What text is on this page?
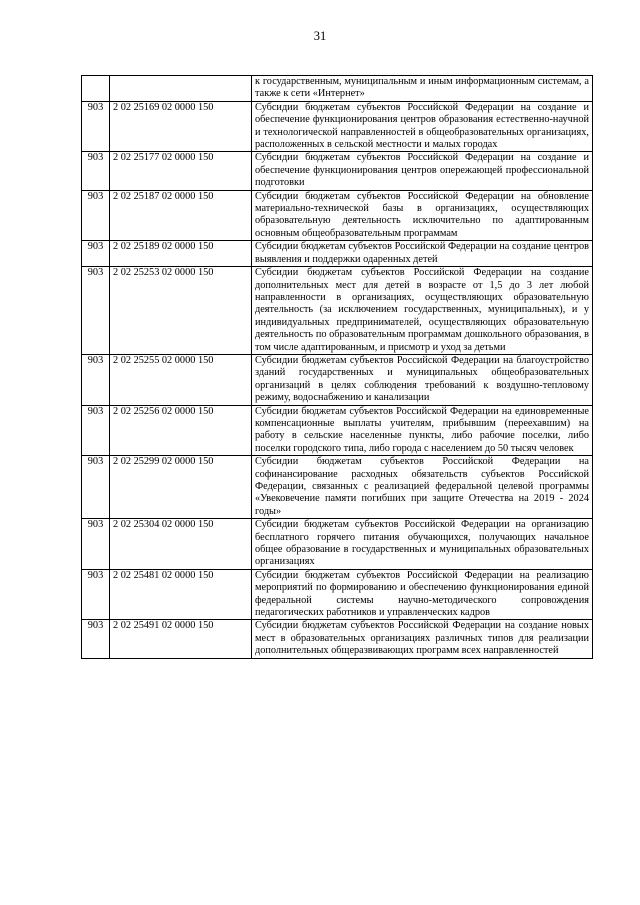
31
		к государственным, муниципальным и иным информационным системам, а также к сети «Интернет»
903	2 02 25169 02 0000 150	Субсидии бюджетам субъектов Российской Федерации на создание и обеспечение функционирования центров образования естественно-научной и технологической направленностей в общеобразовательных организациях, расположенных в сельской местности и малых городах
903	2 02 25177 02 0000 150	Субсидии бюджетам субъектов Российской Федерации на создание и обеспечение функционирования центров опережающей профессиональной подготовки
903	2 02 25187 02 0000 150	Субсидии бюджетам субъектов Российской Федерации на обновление материально-технической базы в организациях, осуществляющих образовательную деятельность исключительно по адаптированным основным общеобразовательным программам
903	2 02 25189 02 0000 150	Субсидии бюджетам субъектов Российской Федерации на создание центров выявления и поддержки одаренных детей
903	2 02 25253 02 0000 150	Субсидии бюджетам субъектов Российской Федерации на создание дополнительных мест для детей в возрасте от 1,5 до 3 лет любой направленности в организациях, осуществляющих образовательную деятельность (за исключением государственных, муниципальных), и у индивидуальных предпринимателей, осуществляющих образовательную деятельность по образовательным программам дошкольного образования, в том числе адаптированным, и присмотр и уход за детьми
903	2 02 25255 02 0000 150	Субсидии бюджетам субъектов Российской Федерации на благоустройство зданий государственных и муниципальных общеобразовательных организаций в целях соблюдения требований к воздушно-тепловому режиму, водоснабжению и канализации
903	2 02 25256 02 0000 150	Субсидии бюджетам субъектов Российской Федерации на единовременные компенсационные выплаты учителям, прибывшим (переехавшим) на работу в сельские населенные пункты, либо рабочие поселки, либо поселки городского типа, либо города с населением до 50 тысяч человек
903	2 02 25299 02 0000 150	Субсидии бюджетам субъектов Российской Федерации на софинансирование расходных обязательств субъектов Российской Федерации, связанных с реализацией федеральной целевой программы «Увековечение памяти погибших при защите Отечества на 2019 - 2024 годы»
903	2 02 25304 02 0000 150	Субсидии бюджетам субъектов Российской Федерации на организацию бесплатного горячего питания обучающихся, получающих начальное общее образование в государственных и муниципальных образовательных организациях
903	2 02 25481 02 0000 150	Субсидии бюджетам субъектов Российской Федерации на реализацию мероприятий по формированию и обеспечению функционирования единой федеральной системы научно-методического сопровождения педагогических работников и управленческих кадров
903	2 02 25491 02 0000 150	Субсидии бюджетам субъектов Российской Федерации на создание новых мест в образовательных организациях различных типов для реализации дополнительных общеразвивающих программ всех направленностей
